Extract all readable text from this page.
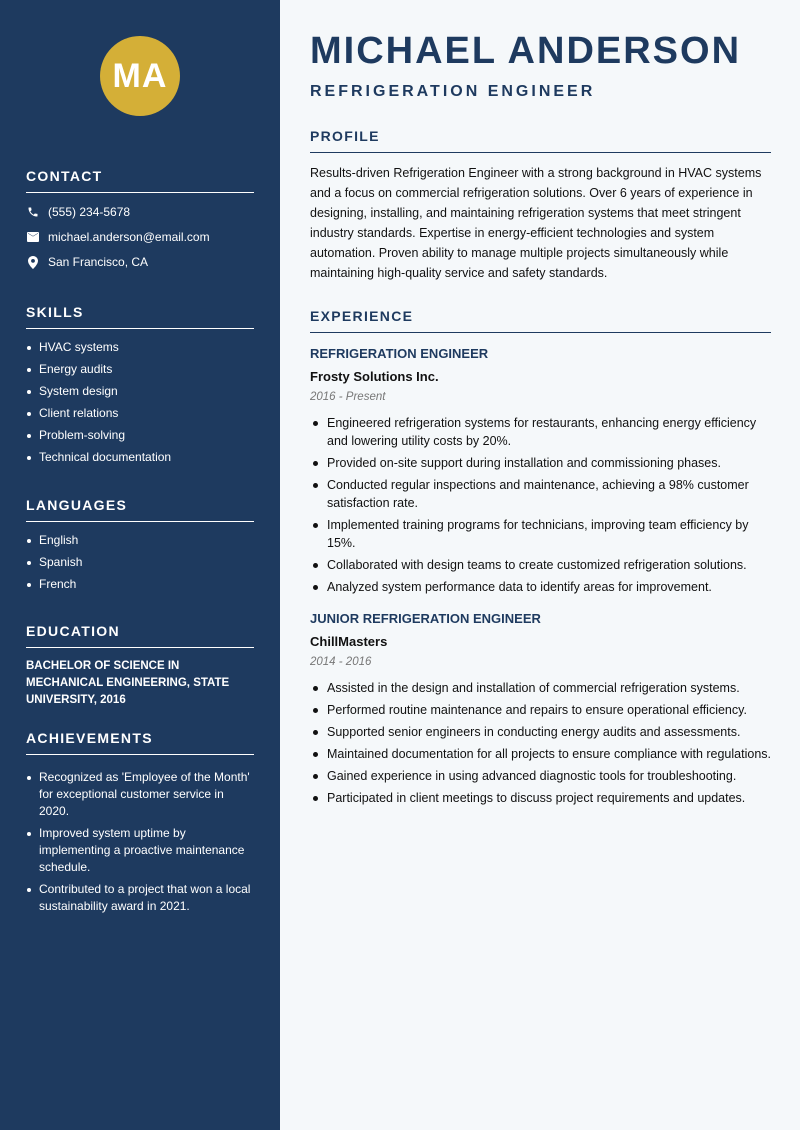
MA
CONTACT
(555) 234-5678
michael.anderson@email.com
San Francisco, CA
SKILLS
HVAC systems
Energy audits
System design
Client relations
Problem-solving
Technical documentation
LANGUAGES
English
Spanish
French
EDUCATION
BACHELOR OF SCIENCE IN MECHANICAL ENGINEERING, STATE UNIVERSITY, 2016
ACHIEVEMENTS
Recognized as 'Employee of the Month' for exceptional customer service in 2020.
Improved system uptime by implementing a proactive maintenance schedule.
Contributed to a project that won a local sustainability award in 2021.
MICHAEL ANDERSON
REFRIGERATION ENGINEER
PROFILE

Results-driven Refrigeration Engineer with a strong background in HVAC systems and a focus on commercial refrigeration solutions. Over 6 years of experience in designing, installing, and maintaining refrigeration systems that meet stringent industry standards. Expertise in energy-efficient technologies and system automation. Proven ability to manage multiple projects simultaneously while maintaining high-quality service and safety standards.

EXPERIENCE
REFRIGERATION ENGINEER
Frosty Solutions Inc.
2016 - Present
Engineered refrigeration systems for restaurants, enhancing energy efficiency and lowering utility costs by 20%.
Provided on-site support during installation and commissioning phases.
Conducted regular inspections and maintenance, achieving a 98% customer satisfaction rate.
Implemented training programs for technicians, improving team efficiency by 15%.
Collaborated with design teams to create customized refrigeration solutions.
Analyzed system performance data to identify areas for improvement.
JUNIOR REFRIGERATION ENGINEER
ChillMasters
2014 - 2016
Assisted in the design and installation of commercial refrigeration systems.
Performed routine maintenance and repairs to ensure operational efficiency.
Supported senior engineers in conducting energy audits and assessments.
Maintained documentation for all projects to ensure compliance with regulations.
Gained experience in using advanced diagnostic tools for troubleshooting.
Participated in client meetings to discuss project requirements and updates.
